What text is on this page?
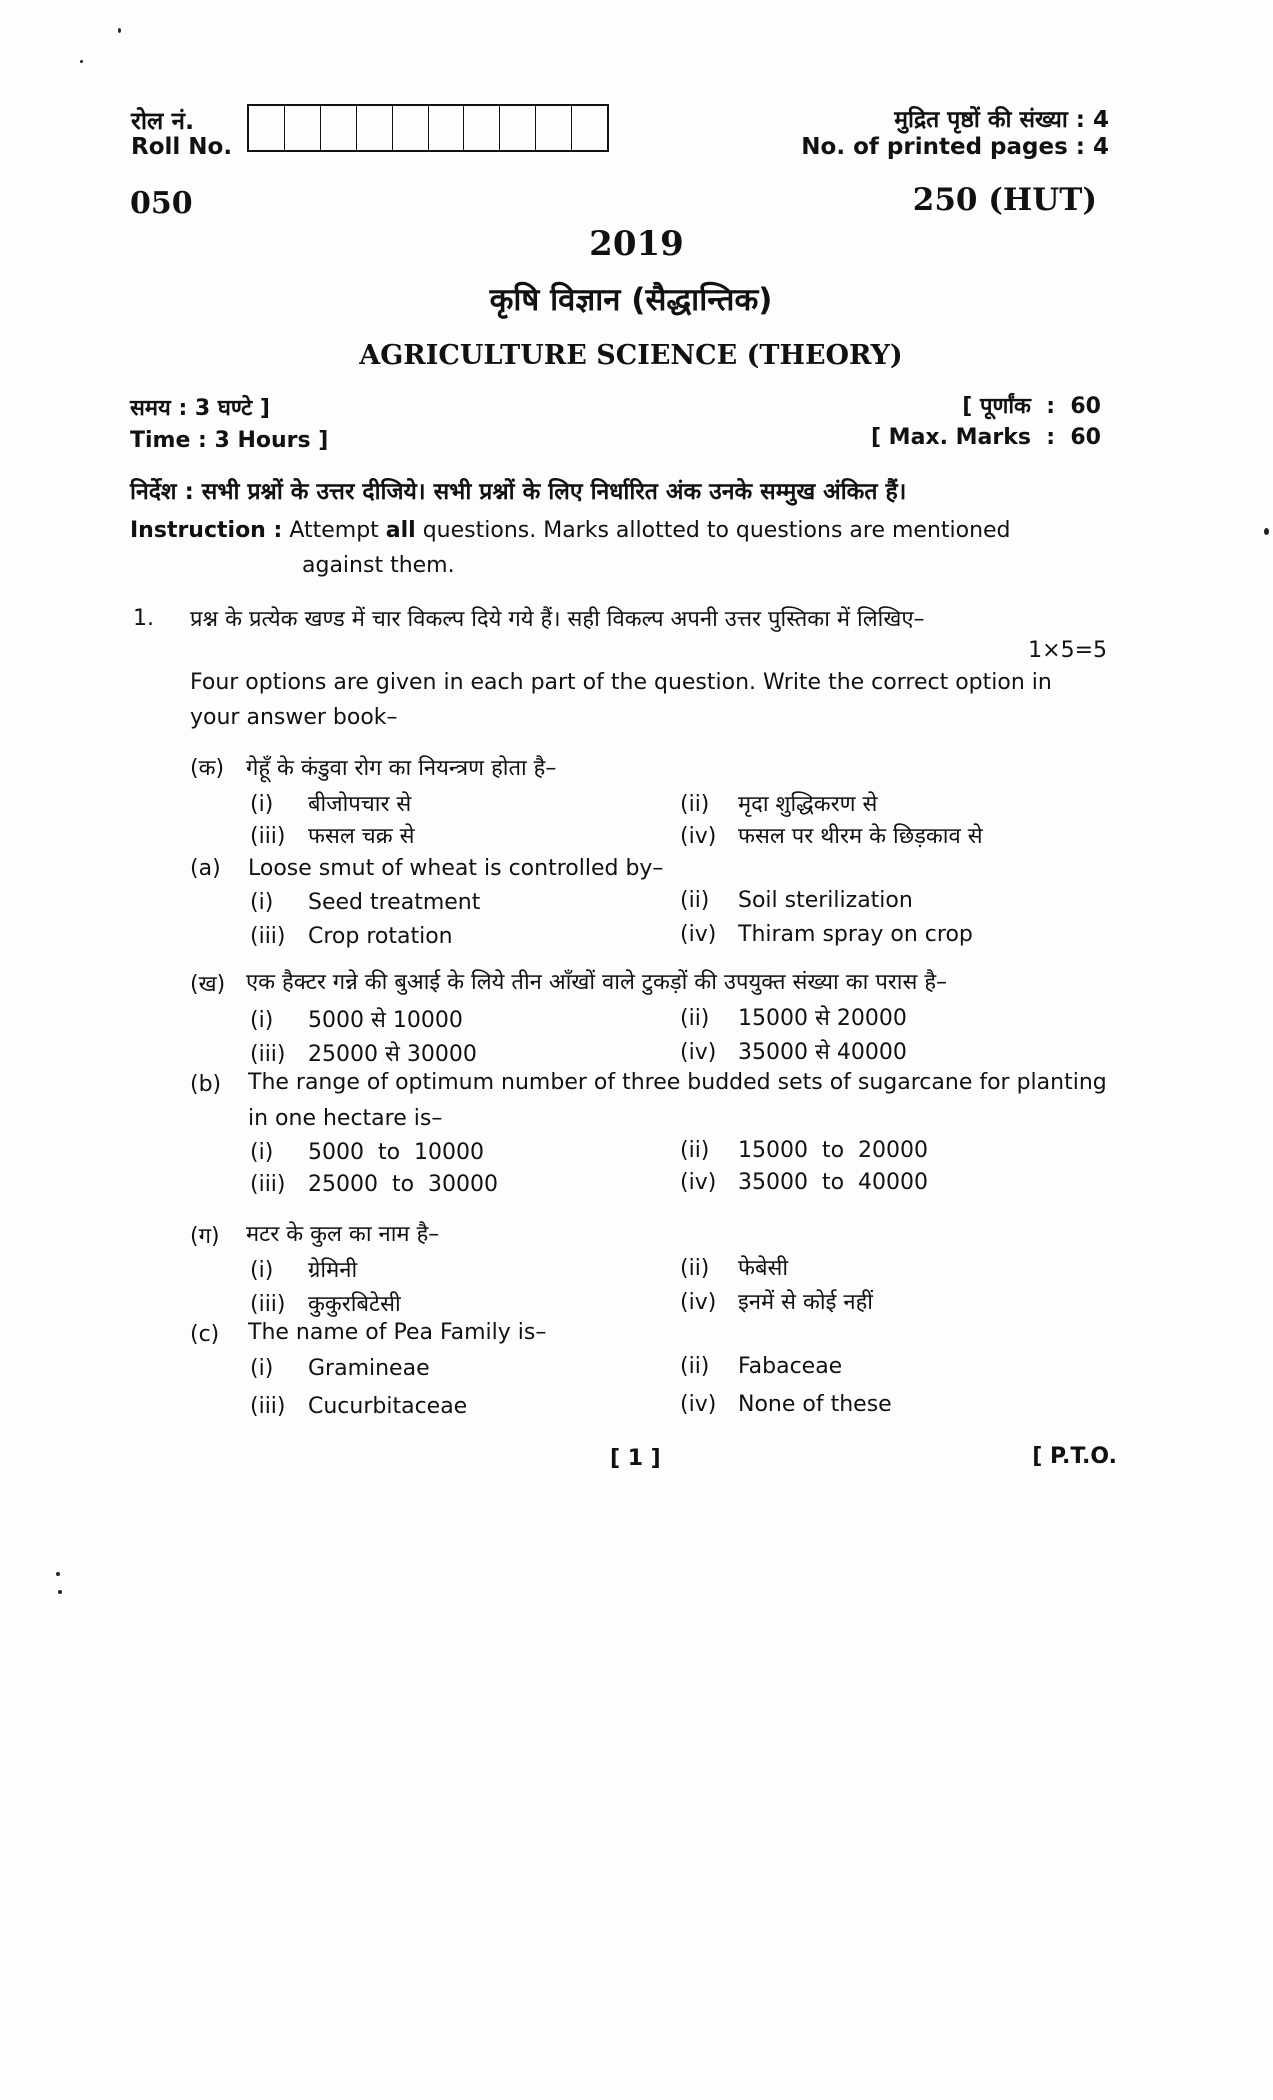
रोल नं.
Roll No.
मुद्रित पृष्ठों की संख्या : 4
No. of printed pages : 4
050	250 (HUT)
2019
कृषि विज्ञान (सैद्धान्तिक)
AGRICULTURE SCIENCE (THEORY)
समय : 3 घण्टे ]
Time : 3 Hours ]
[ पूर्णांक  :  60
[ Max. Marks  :  60
निर्देश : सभी प्रश्नों के उत्तर दीजिये। सभी प्रश्नों के लिए निर्धारित अंक उनके सम्मुख अंकित हैं।
Instruction : Attempt all questions. Marks allotted to questions are mentioned
against them.
1. प्रश्न के प्रत्येक खण्ड में चार विकल्प दिये गये हैं। सही विकल्प अपनी उत्तर पुस्तिका में लिखिए–
1×5=5
Four options are given in each part of the question. Write the correct option in
your answer book–
(क) गेहूँ के कंडुवा रोग का नियन्त्रण होता है–
(i) बीजोपचार से	(ii) मृदा शुद्धिकरण से
(iii) फसल चक्र से	(iv) फसल पर थीरम के छिड़काव से
(a) Loose smut of wheat is controlled by–
(i) Seed treatment	(ii) Soil sterilization
(iii) Crop rotation	(iv) Thiram spray on crop
(ख) एक हैक्टर गन्ने की बुआई के लिये तीन आँखों वाले टुकड़ों की उपयुक्त संख्या का परास है–
(i) 5000 से 10000	(ii) 15000 से 20000
(iii) 25000 से 30000	(iv) 35000 से 40000
(b) The range of optimum number of three budded sets of sugarcane for planting
in one hectare is–
(i) 5000  to  10000	(ii) 15000  to  20000
(iii) 25000  to  30000	(iv) 35000  to  40000
(ग) मटर के कुल का नाम है–
(i) ग्रेमिनी	(ii) फेबेसी
(iii) कुकुरबिटेसी	(iv) इनमें से कोई नहीं
(c) The name of Pea Family is–
(i) Gramineae	(ii) Fabaceae
(iii) Cucurbitaceae	(iv) None of these
[ 1 ]	[ P.T.O.
